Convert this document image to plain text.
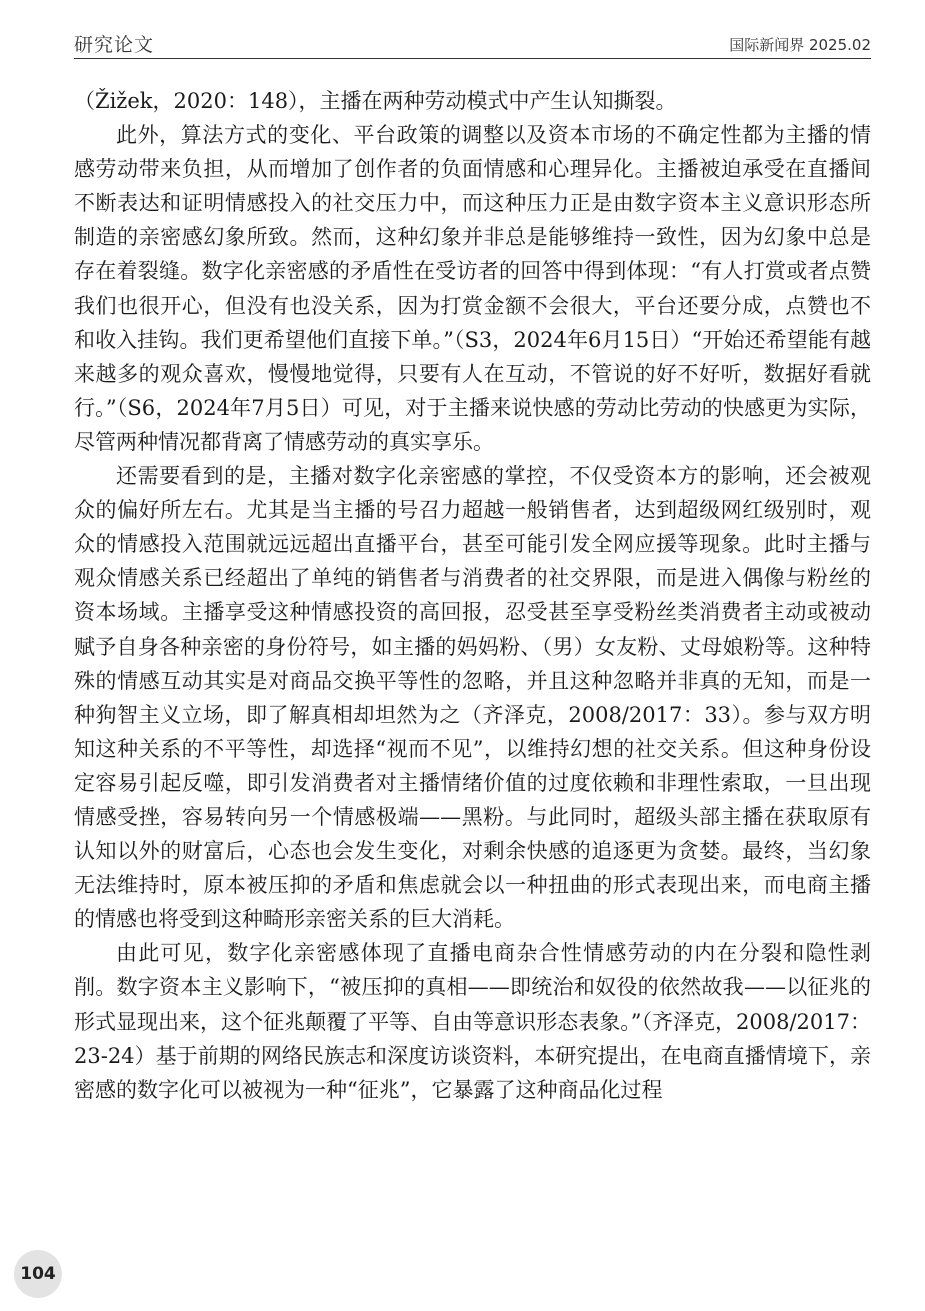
研究论文	国际新闻界 2025.02

（Žižek，2020：148），主播在两种劳动模式中产生认知撕裂。

此外，算法方式的变化、平台政策的调整以及资本市场的不确定性都为主播的情感劳动带来负担，从而增加了创作者的负面情感和心理异化。主播被迫承受在直播间不断表达和证明情感投入的社交压力中，而这种压力正是由数字资本主义意识形态所制造的亲密感幻象所致。然而，这种幻象并非总是能够维持一致性，因为幻象中总是存在着裂缝。数字化亲密感的矛盾性在受访者的回答中得到体现：“有人打赏或者点赞我们也很开心，但没有也没关系，因为打赏金额不会很大，平台还要分成，点赞也不和收入挂钩。我们更希望他们直接下单。”（S3，2024年6月15日）“开始还希望能有越来越多的观众喜欢，慢慢地觉得，只要有人在互动，不管说的好不好听，数据好看就行。”（S6，2024年7月5日）可见，对于主播来说快感的劳动比劳动的快感更为实际，尽管两种情况都背离了情感劳动的真实享乐。

还需要看到的是，主播对数字化亲密感的掌控，不仅受资本方的影响，还会被观众的偏好所左右。尤其是当主播的号召力超越一般销售者，达到超级网红级别时，观众的情感投入范围就远远超出直播平台，甚至可能引发全网应援等现象。此时主播与观众情感关系已经超出了单纯的销售者与消费者的社交界限，而是进入偶像与粉丝的资本场域。主播享受这种情感投资的高回报，忍受甚至享受粉丝类消费者主动或被动赋予自身各种亲密的身份符号，如主播的妈妈粉、（男）女友粉、丈母娘粉等。这种特殊的情感互动其实是对商品交换平等性的忽略，并且这种忽略并非真的无知，而是一种狗智主义立场，即了解真相却坦然为之（齐泽克，2008/2017：33）。参与双方明知这种关系的不平等性，却选择“视而不见”，以维持幻想的社交关系。但这种身份设定容易引起反噬，即引发消费者对主播情绪价值的过度依赖和非理性索取，一旦出现情感受挫，容易转向另一个情感极端——黑粉。与此同时，超级头部主播在获取原有认知以外的财富后，心态也会发生变化，对剩余快感的追逐更为贪婪。最终，当幻象无法维持时，原本被压抑的矛盾和焦虑就会以一种扭曲的形式表现出来，而电商主播的情感也将受到这种畸形亲密关系的巨大消耗。

由此可见，数字化亲密感体现了直播电商杂合性情感劳动的内在分裂和隐性剥削。数字资本主义影响下，“被压抑的真相——即统治和奴役的依然故我——以征兆的形式显现出来，这个征兆颠覆了平等、自由等意识形态表象。”（齐泽克，2008/2017：23-24）基于前期的网络民族志和深度访谈资料，本研究提出，在电商直播情境下，亲密感的数字化可以被视为一种“征兆”，它暴露了这种商品化过程

104
